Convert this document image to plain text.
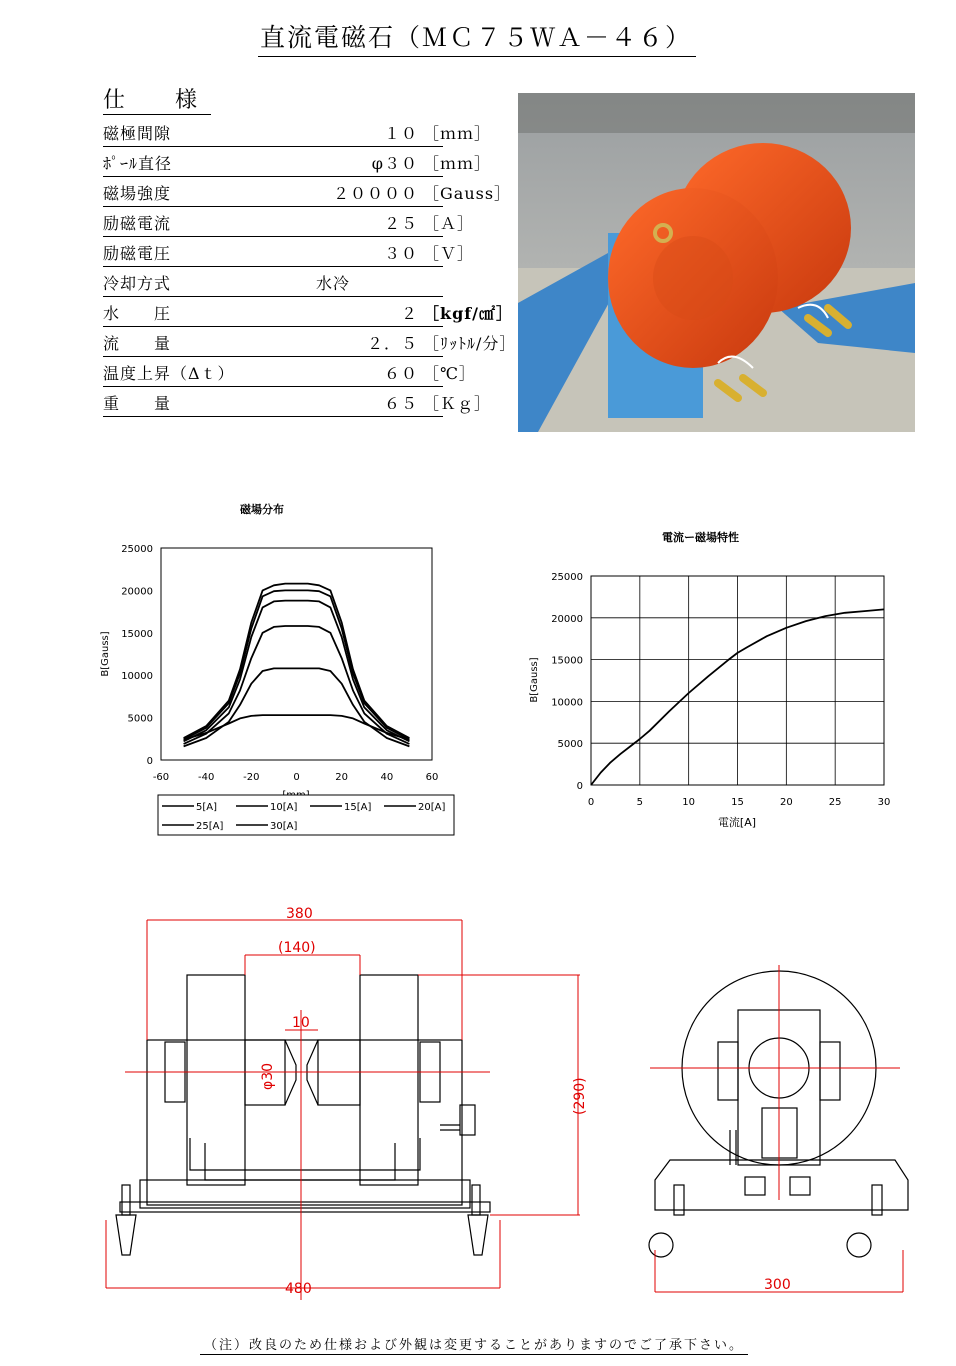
直流電磁石（ＭＣ７５ＷＡ－４６）
仕　様
磁極間隙	１０ ［ｍｍ］
ﾎﾟｰﾙ直径	φ３０ ［ｍｍ］
磁場強度	２００００ ［Gauss］
励磁電流	２５ ［Ａ］
励磁電圧	３０ ［Ｖ］
冷却方式	水冷
水　　圧	２ ［kgf/㎠］
流　　量	２．５ ［ﾘｯﾄﾙ/分］
温度上昇（Δｔ）	６０ ［℃］
重　　量	６５ ［Ｋｇ］
磁場分布
0
5000
10000
15000
20000
25000
-60	-40	-20	0	20	40	60
B[Gauss]
5[A]	10[A]	15[A]	20[A]
25[A]	30[A]
電流ー磁場特性
0
5000
10000
15000
20000
25000
0	5	10	15	20	25	30
B[Gauss]
電流[A]
380
(140)
10
φ30
(290)
480	300
（注）改良のため仕様および外観は変更することがありますのでご了承下さい。
